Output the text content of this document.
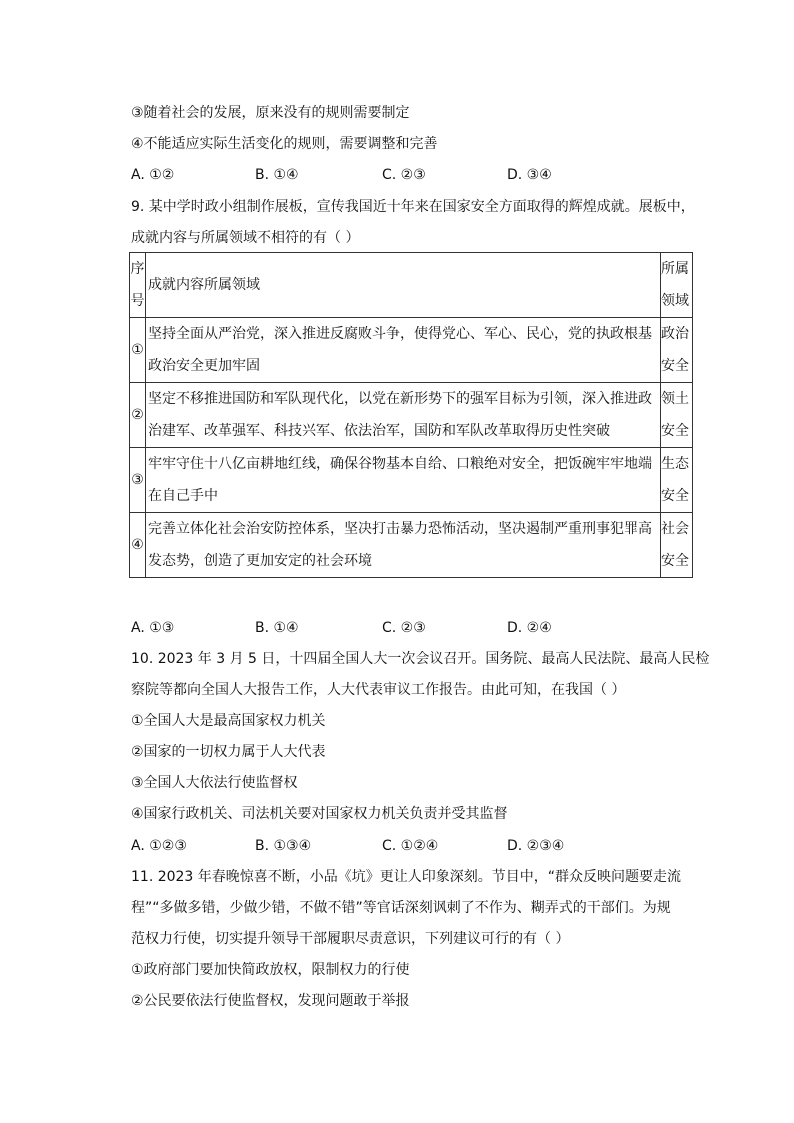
③随着社会的发展，原来没有的规则需要制定
④不能适应实际生活变化的规则，需要调整和完善
A. ①②	B. ①④	C. ②③	D. ③④
9. 某中学时政小组制作展板，宣传我国近十年来在国家安全方面取得的辉煌成就。展板中，
成就内容与所属领域不相符的有（ ）
序号	成就内容所属领域	所属领域

①	坚持全面从严治党，深入推进反腐败斗争，使得党心、军心、民心，党的执政根基政治安全更加牢固	政治安全

②	坚定不移推进国防和军队现代化，以党在新形势下的强军目标为引领，深入推进政治建军、改革强军、科技兴军、依法治军，国防和军队改革取得历史性突破	领土安全

③	牢牢守住十八亿亩耕地红线，确保谷物基本自给、口粮绝对安全，把饭碗牢牢地端在自己手中	生态安全

④	完善立体化社会治安防控体系，坚决打击暴力恐怖活动，坚决遏制严重刑事犯罪高发态势，创造了更加安定的社会环境	社会安全
A. ①③	B. ①④	C. ②③	D. ②④
10. 2023 年 3 月 5 日，十四届全国人大一次会议召开。国务院、最高人民法院、最高人民检
察院等都向全国人大报告工作，人大代表审议工作报告。由此可知，在我国（ ）
①全国人大是最高国家权力机关
②国家的一切权力属于人大代表
③全国人大依法行使监督权
④国家行政机关、司法机关要对国家权力机关负责并受其监督
A. ①②③	B. ①③④	C. ①②④	D. ②③④
11. 2023 年春晚惊喜不断，小品《坑》更让人印象深刻。节目中，“群众反映问题要走流
程”“多做多错，少做少错，不做不错”等官话深刻讽刺了不作为、糊弄式的干部们。为规
范权力行使，切实提升领导干部履职尽责意识，下列建议可行的有（ ）
①政府部门要加快简政放权，限制权力的行使
②公民要依法行使监督权，发现问题敢于举报
